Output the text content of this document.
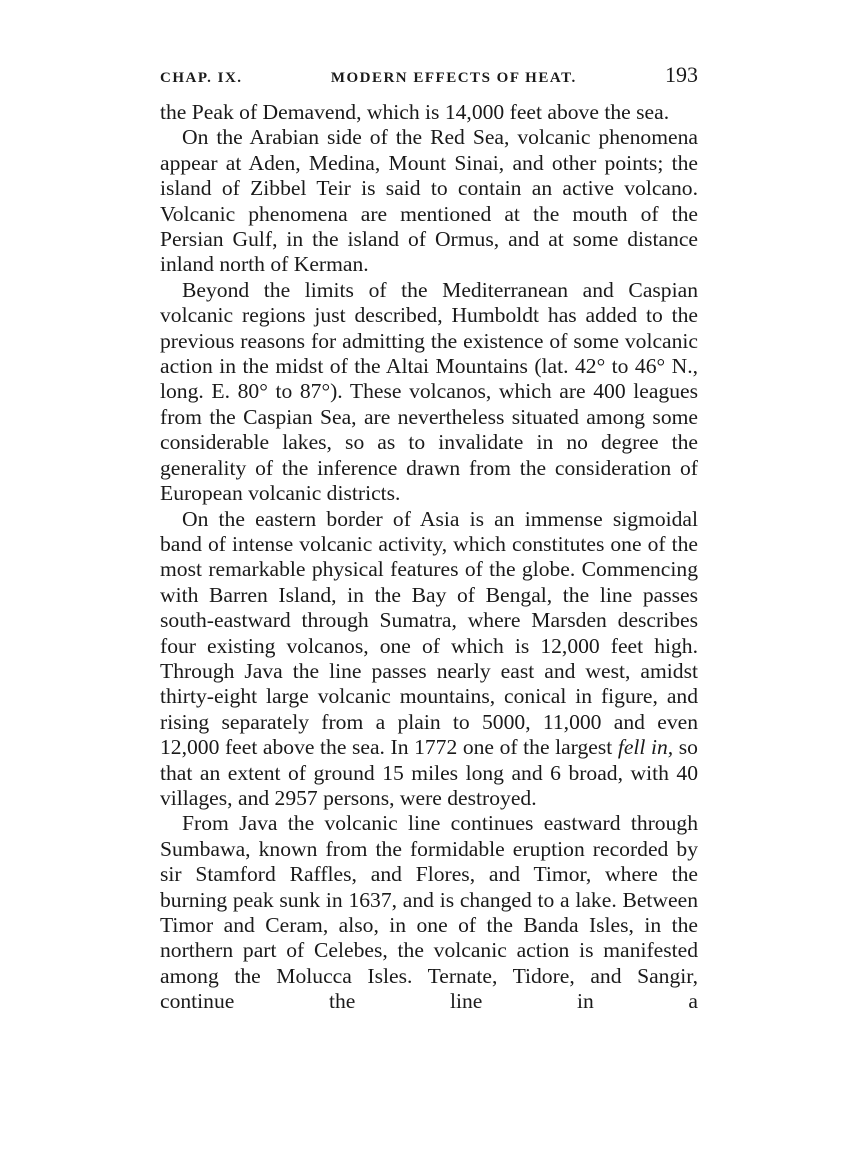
CHAP. IX.	MODERN EFFECTS OF HEAT.	193

the Peak of Demavend, which is 14,000 feet above the sea.

On the Arabian side of the Red Sea, volcanic phenomena appear at Aden, Medina, Mount Sinai, and other points; the island of Zibbel Teir is said to contain an active volcano. Volcanic phenomena are mentioned at the mouth of the Persian Gulf, in the island of Ormus, and at some distance inland north of Kerman.

Beyond the limits of the Mediterranean and Caspian volcanic regions just described, Humboldt has added to the previous reasons for admitting the existence of some volcanic action in the midst of the Altai Mountains (lat. 42° to 46° N., long. E. 80° to 87°). These volcanos, which are 400 leagues from the Caspian Sea, are nevertheless situated among some considerable lakes, so as to invalidate in no degree the generality of the inference drawn from the consideration of European volcanic districts.

On the eastern border of Asia is an immense sigmoidal band of intense volcanic activity, which constitutes one of the most remarkable physical features of the globe. Commencing with Barren Island, in the Bay of Bengal, the line passes south-eastward through Sumatra, where Marsden describes four existing volcanos, one of which is 12,000 feet high. Through Java the line passes nearly east and west, amidst thirty-eight large volcanic mountains, conical in figure, and rising separately from a plain to 5000, 11,000 and even 12,000 feet above the sea. In 1772 one of the largest fell in, so that an extent of ground 15 miles long and 6 broad, with 40 villages, and 2957 persons, were destroyed.

From Java the volcanic line continues eastward through Sumbawa, known from the formidable eruption recorded by sir Stamford Raffles, and Flores, and Timor, where the burning peak sunk in 1637, and is changed to a lake. Between Timor and Ceram, also, in one of the Banda Isles, in the northern part of Celebes, the volcanic action is manifested among the Molucca Isles. Ternate, Tidore, and Sangir, continue the line in a
